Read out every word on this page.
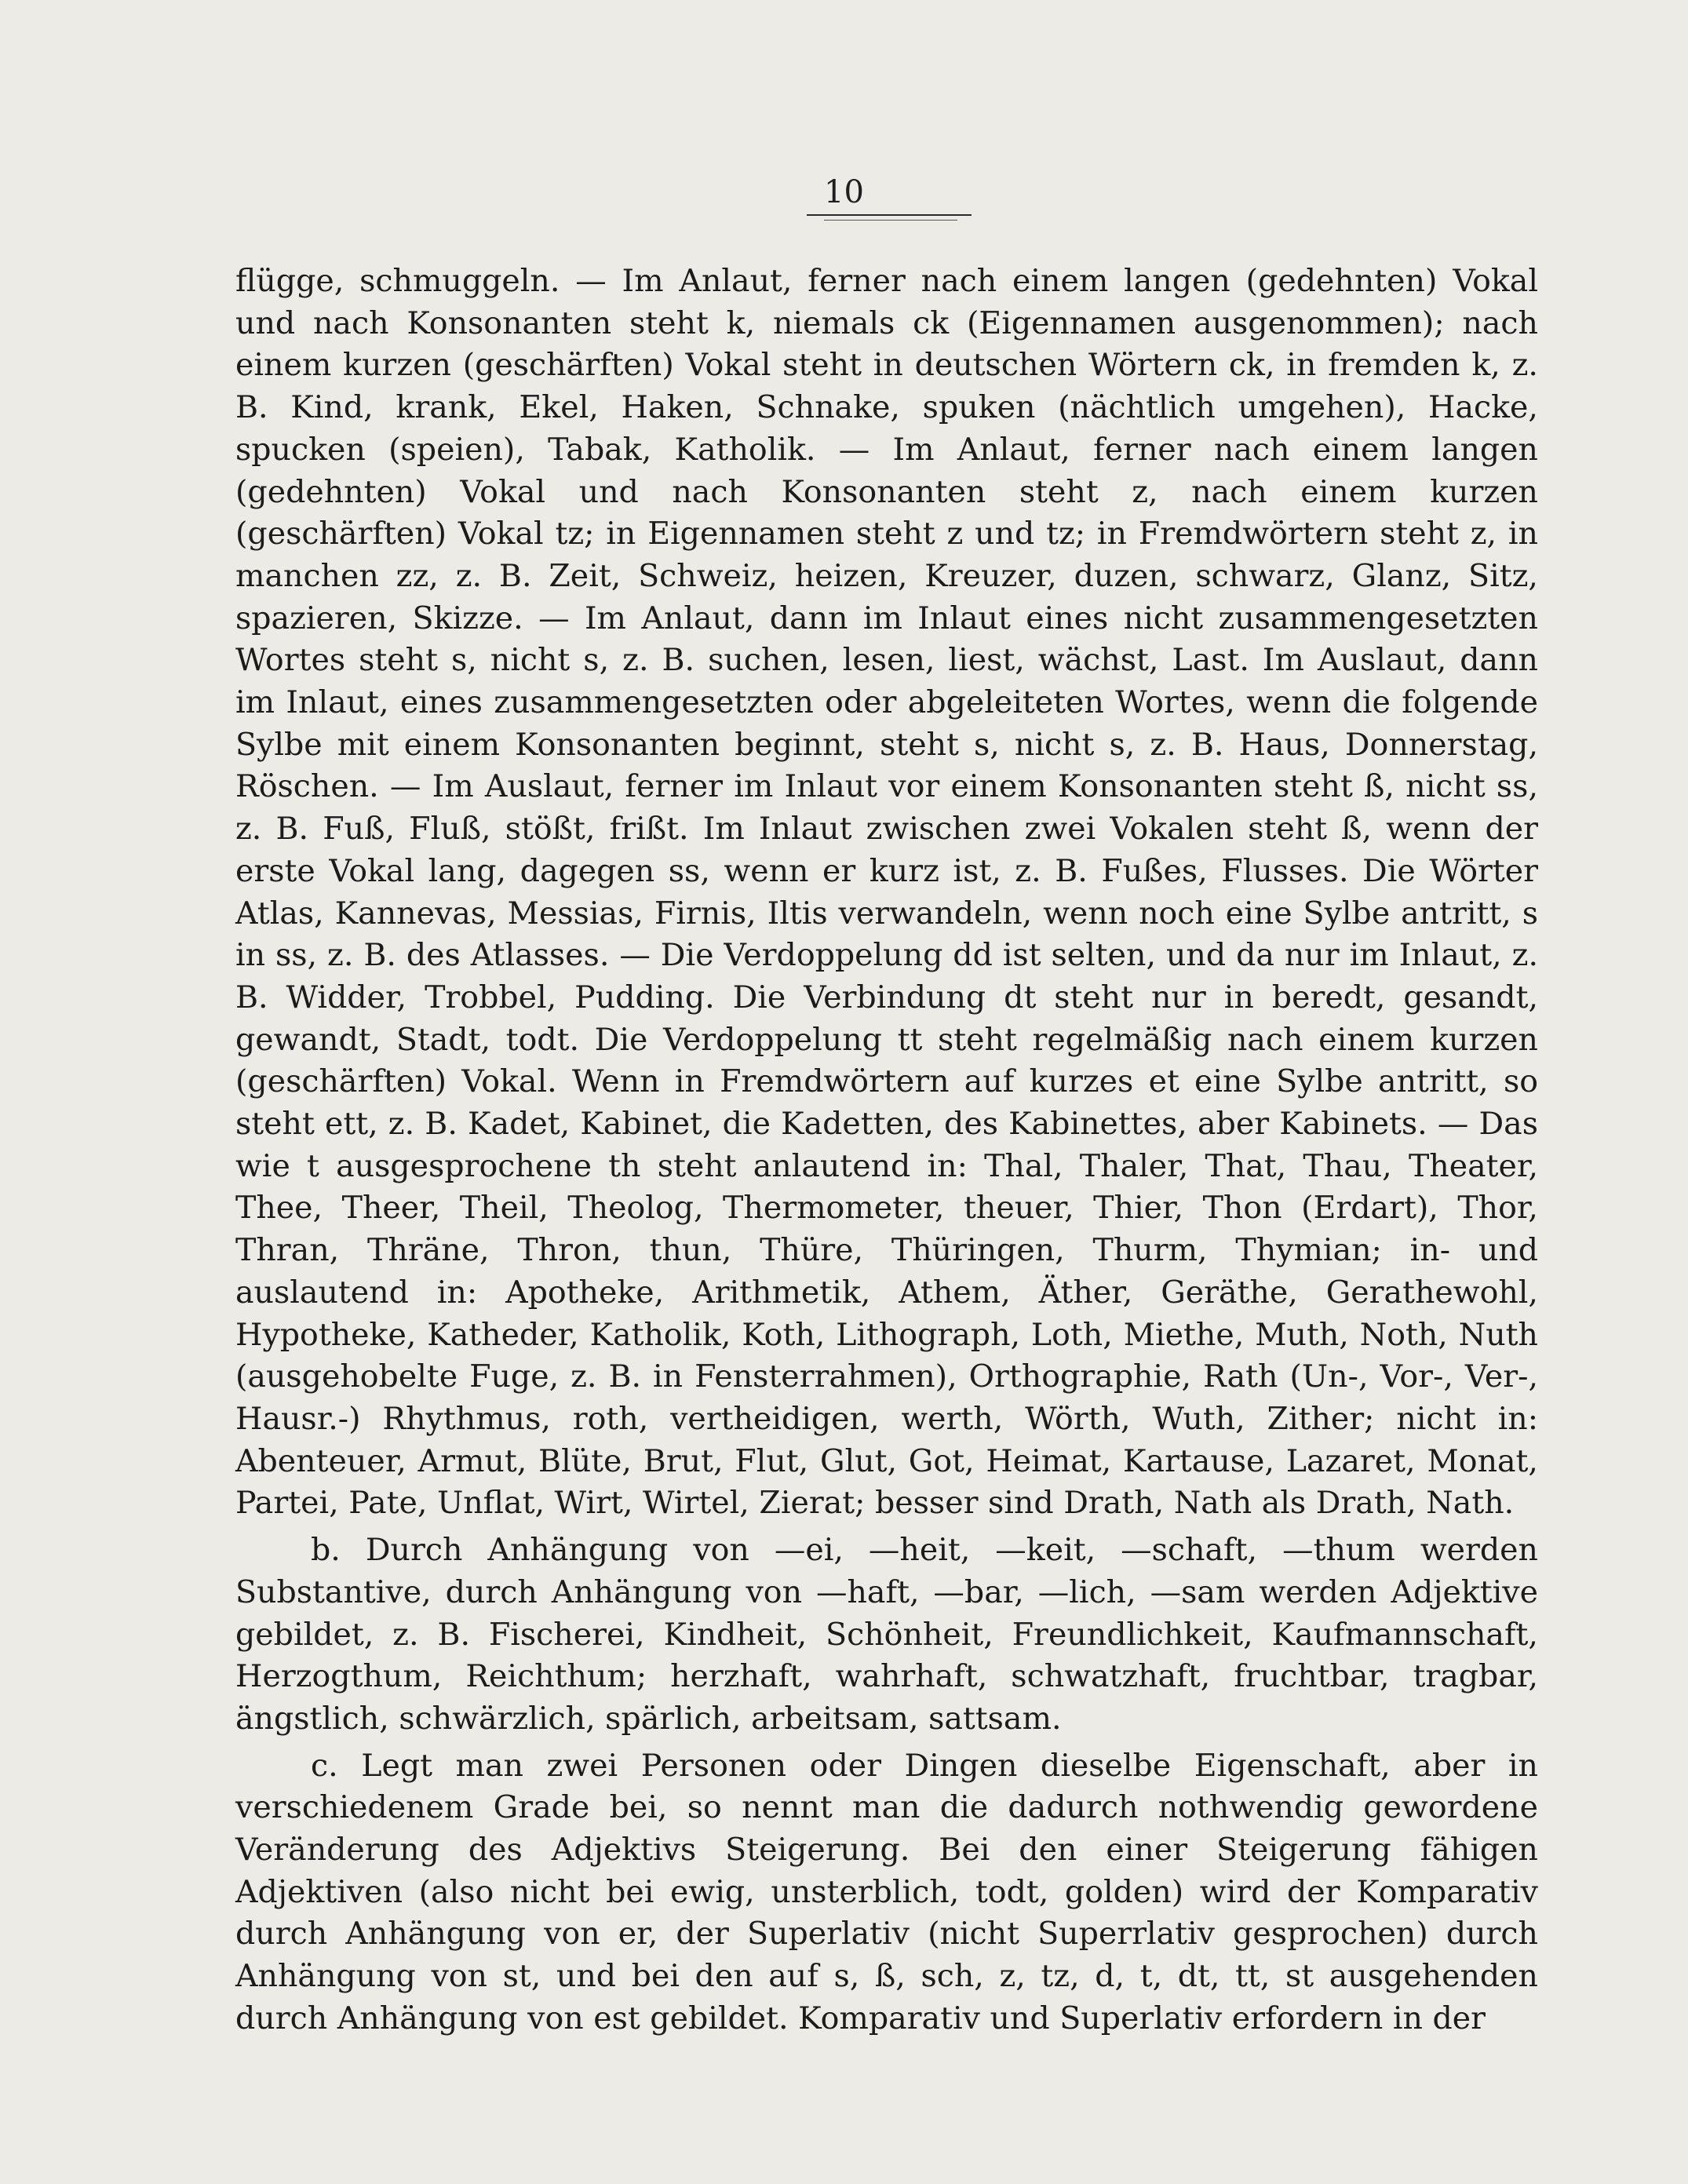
10

flügge, schmuggeln. — Im Anlaut, ferner nach einem langen (gedehnten) Vokal und nach Konsonanten steht k, niemals ck (Eigennamen ausgenommen); nach einem kurzen (geschärften) Vokal steht in deutschen Wörtern ck, in fremden k, z. B. Kind, krank, Ekel, Haken, Schnake, spuken (nächtlich umgehen), Hacke, spucken (speien), Tabak, Katholik. — Im Anlaut, ferner nach einem langen (gedehnten) Vokal und nach Konsonanten steht z, nach einem kurzen (geschärften) Vokal tz; in Eigennamen steht z und tz; in Fremdwörtern steht z, in manchen zz, z. B. Zeit, Schweiz, heizen, Kreuzer, duzen, schwarz, Glanz, Sitz, spazieren, Skizze. — Im Anlaut, dann im Inlaut eines nicht zusammengesetzten Wortes steht s, nicht s, z. B. suchen, lesen, liest, wächst, Last. Im Auslaut, dann im Inlaut, eines zusammengesetzten oder abgeleiteten Wortes, wenn die folgende Sylbe mit einem Konsonanten beginnt, steht s, nicht s, z. B. Haus, Donnerstag, Röschen. — Im Auslaut, ferner im Inlaut vor einem Konsonanten steht ß, nicht ss, z. B. Fuß, Fluß, stößt, frißt. Im Inlaut zwischen zwei Vokalen steht ß, wenn der erste Vokal lang, dagegen ss, wenn er kurz ist, z. B. Fußes, Flusses. Die Wörter Atlas, Kannevas, Messias, Firnis, Iltis verwandeln, wenn noch eine Sylbe antritt, s in ss, z. B. des Atlasses. — Die Verdoppelung dd ist selten, und da nur im Inlaut, z. B. Widder, Trobbel, Pudding. Die Verbindung dt steht nur in beredt, gesandt, gewandt, Stadt, todt. Die Verdoppelung tt steht regelmäßig nach einem kurzen (geschärften) Vokal. Wenn in Fremdwörtern auf kurzes et eine Sylbe antritt, so steht ett, z. B. Kadet, Kabinet, die Kadetten, des Kabinettes, aber Kabinets. — Das wie t ausgesprochene th steht anlautend in: Thal, Thaler, That, Thau, Theater, Thee, Theer, Theil, Theolog, Thermometer, theuer, Thier, Thon (Erdart), Thor, Thran, Thräne, Thron, thun, Thüre, Thüringen, Thurm, Thymian; in- und auslautend in: Apotheke, Arithmetik, Athem, Äther, Geräthe, Gerathewohl, Hypotheke, Katheder, Katholik, Koth, Lithograph, Loth, Miethe, Muth, Noth, Nuth (ausgehobelte Fuge, z. B. in Fensterrahmen), Orthographie, Rath (Un-, Vor-, Ver-, Hausr.-) Rhythmus, roth, vertheidigen, werth, Wörth, Wuth, Zither; nicht in: Abenteuer, Armut, Blüte, Brut, Flut, Glut, Got, Heimat, Kartause, Lazaret, Monat, Partei, Pate, Unflat, Wirt, Wirtel, Zierat; besser sind Drath, Nath als Drath, Nath.

b. Durch Anhängung von —ei, —heit, —keit, —schaft, —thum werden Substantive, durch Anhängung von —haft, —bar, —lich, —sam werden Adjektive gebildet, z. B. Fischerei, Kindheit, Schönheit, Freundlichkeit, Kaufmannschaft, Herzogthum, Reichthum; herzhaft, wahrhaft, schwatzhaft, fruchtbar, tragbar, ängstlich, schwärzlich, spärlich, arbeitsam, sattsam.

c. Legt man zwei Personen oder Dingen dieselbe Eigenschaft, aber in verschiedenem Grade bei, so nennt man die dadurch nothwendig gewordene Veränderung des Adjektivs Steigerung. Bei den einer Steigerung fähigen Adjektiven (also nicht bei ewig, unsterblich, todt, golden) wird der Komparativ durch Anhängung von er, der Superlativ (nicht Superrlativ gesprochen) durch Anhängung von st, und bei den auf s, ß, sch, z, tz, d, t, dt, tt, st ausgehenden durch Anhängung von est gebildet. Komparativ und Superlativ erfordern in der
